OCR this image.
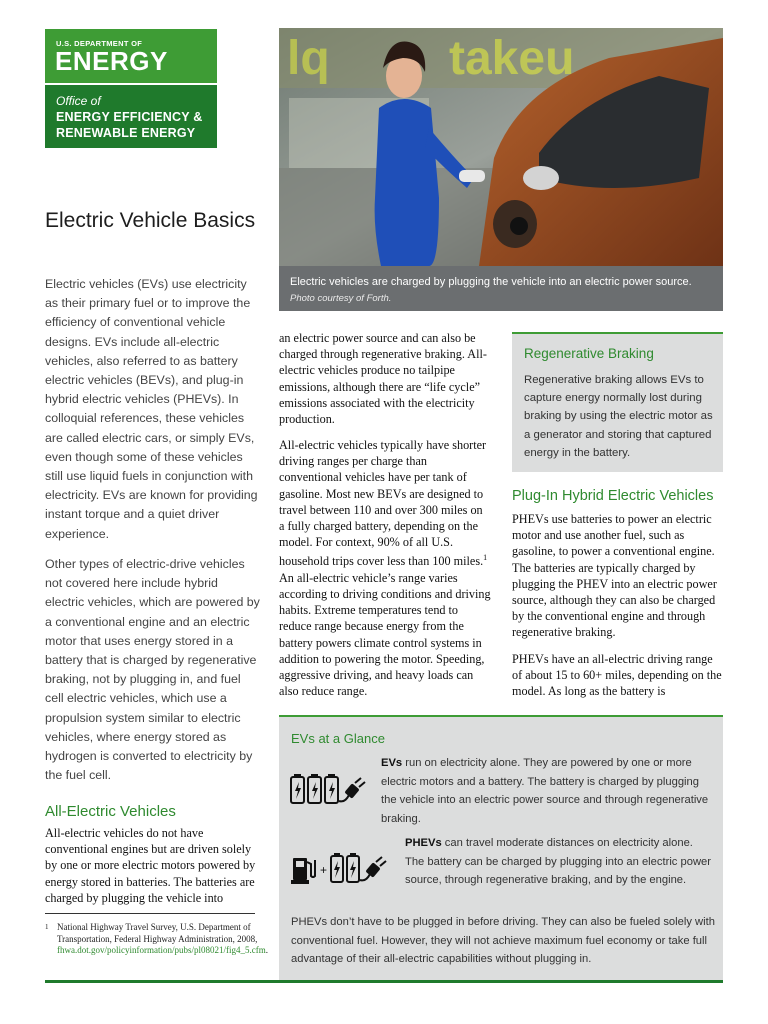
U.S. DEPARTMENT OF
ENERGY
Office of
ENERGY EFFICIENCY & RENEWABLE ENERGY
Electric Vehicle Basics

Electric vehicles (EVs) use electricity as their primary fuel or to improve the efficiency of conventional vehicle designs. EVs include all-electric vehicles, also referred to as battery electric vehicles (BEVs), and plug-in hybrid electric vehicles (PHEVs). In colloquial references, these vehicles are called electric cars, or simply EVs, even though some of these vehicles still use liquid fuels in conjunction with electricity. EVs are known for providing instant torque and a quiet driver experience.

Other types of electric-drive vehicles not covered here include hybrid electric vehicles, which are powered by a conventional engine and an electric motor that uses energy stored in a battery that is charged by regenerative braking, not by plugging in, and fuel cell electric vehicles, which use a propulsion system similar to electric vehicles, where energy stored as hydrogen is converted to electricity by the fuel cell.

All-Electric Vehicles

All-electric vehicles do not have conventional engines but are driven solely by one or more electric motors powered by energy stored in batteries. The batteries are charged by plugging the vehicle into

1 National Highway Travel Survey, U.S. Department of Transportation, Federal Highway Administration, 2008, fhwa.dot.gov/policyinformation/pubs/pl08021/fig4_5.cfm.
lq takeu
Electric vehicles are charged by plugging the vehicle into an electric power source.
Photo courtesy of Forth.

an electric power source and can also be charged through regenerative braking. All-electric vehicles produce no tailpipe emissions, although there are “life cycle” emissions associated with the electricity production.

All-electric vehicles typically have shorter driving ranges per charge than conventional vehicles have per tank of gasoline. Most new BEVs are designed to travel between 110 and over 300 miles on a fully charged battery, depending on the model. For context, 90% of all U.S. household trips cover less than 100 miles.$^1$ An all-electric vehicle’s range varies according to driving conditions and driving habits. Extreme temperatures tend to reduce range because energy from the battery powers climate control systems in addition to powering the motor. Speeding, aggressive driving, and heavy loads can also reduce range.

Regenerative Braking

Regenerative braking allows EVs to capture energy normally lost during braking by using the electric motor as a generator and storing that captured energy in the battery.

Plug-In Hybrid Electric Vehicles

PHEVs use batteries to power an electric motor and use another fuel, such as gasoline, to power a conventional engine. The batteries are typically charged by plugging the PHEV into an electric power source, although they can also be charged by the conventional engine and through regenerative braking.

PHEVs have an all-electric driving range of about 15 to 60+ miles, depending on the model. As long as the battery is

EVs at a Glance
+

EVs run on electricity alone. They are powered by one or more electric motors and a battery. The battery is charged by plugging the vehicle into an electric power source and through regenerative braking.

PHEVs can travel moderate distances on electricity alone. The battery can be charged by plugging into an electric power source, through regenerative braking, and by the engine.

PHEVs don’t have to be plugged in before driving. They can also be fueled solely with conventional fuel. However, they will not achieve maximum fuel economy or take full advantage of their all-electric capabilities without plugging in.
